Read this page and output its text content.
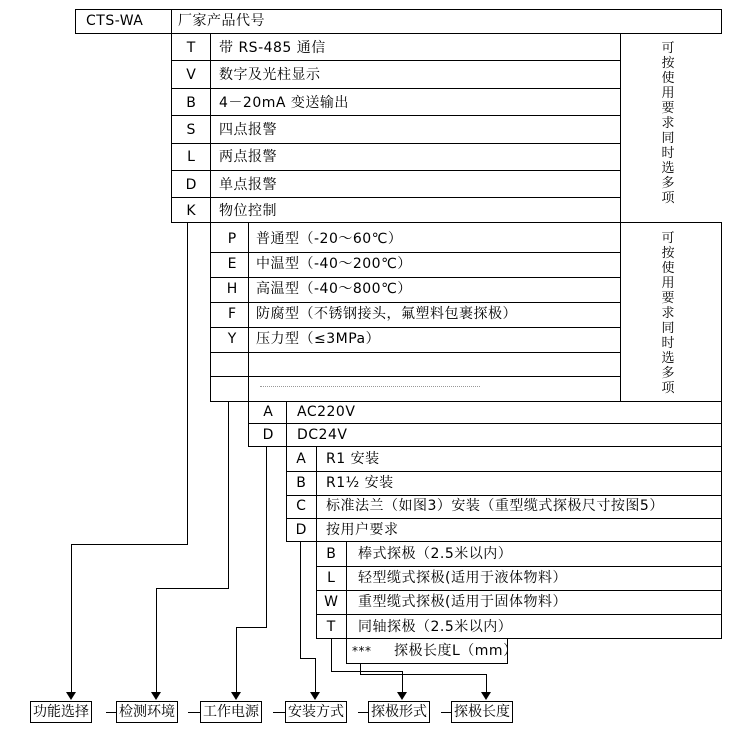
CTS-WA 厂家产品代号
T	带 RS-485 通信
V	数字及光柱显示
B	4－20mA 变送输出
S	四点报警
L	两点报警
D	单点报警
K	物位控制
可按使用要求同时选多项
P	普通型（-20～60℃）
E	中温型（-40～200℃）
H	高温型（-40～800℃）
F	防腐型（不锈钢接头，氟塑料包裹探极）
Y	压力型（≤3MPa）
可按使用要求同时选多项
A	AC220V
D	DC24V
A	R1 安装
B	R1½ 安装
C	标准法兰（如图3）安装（重型缆式探极尺寸按图5）
D	按用户要求
B	棒式探极（2.5米以内）
L	轻型缆式探极(适用于液体物料）
W 重型缆式探极(适用于固体物料）
T	同轴探极（2.5米以内）
*** 探极长度L（mm）
功能选择 检测环境 工作电源 安装方式 探极形式 探极长度
